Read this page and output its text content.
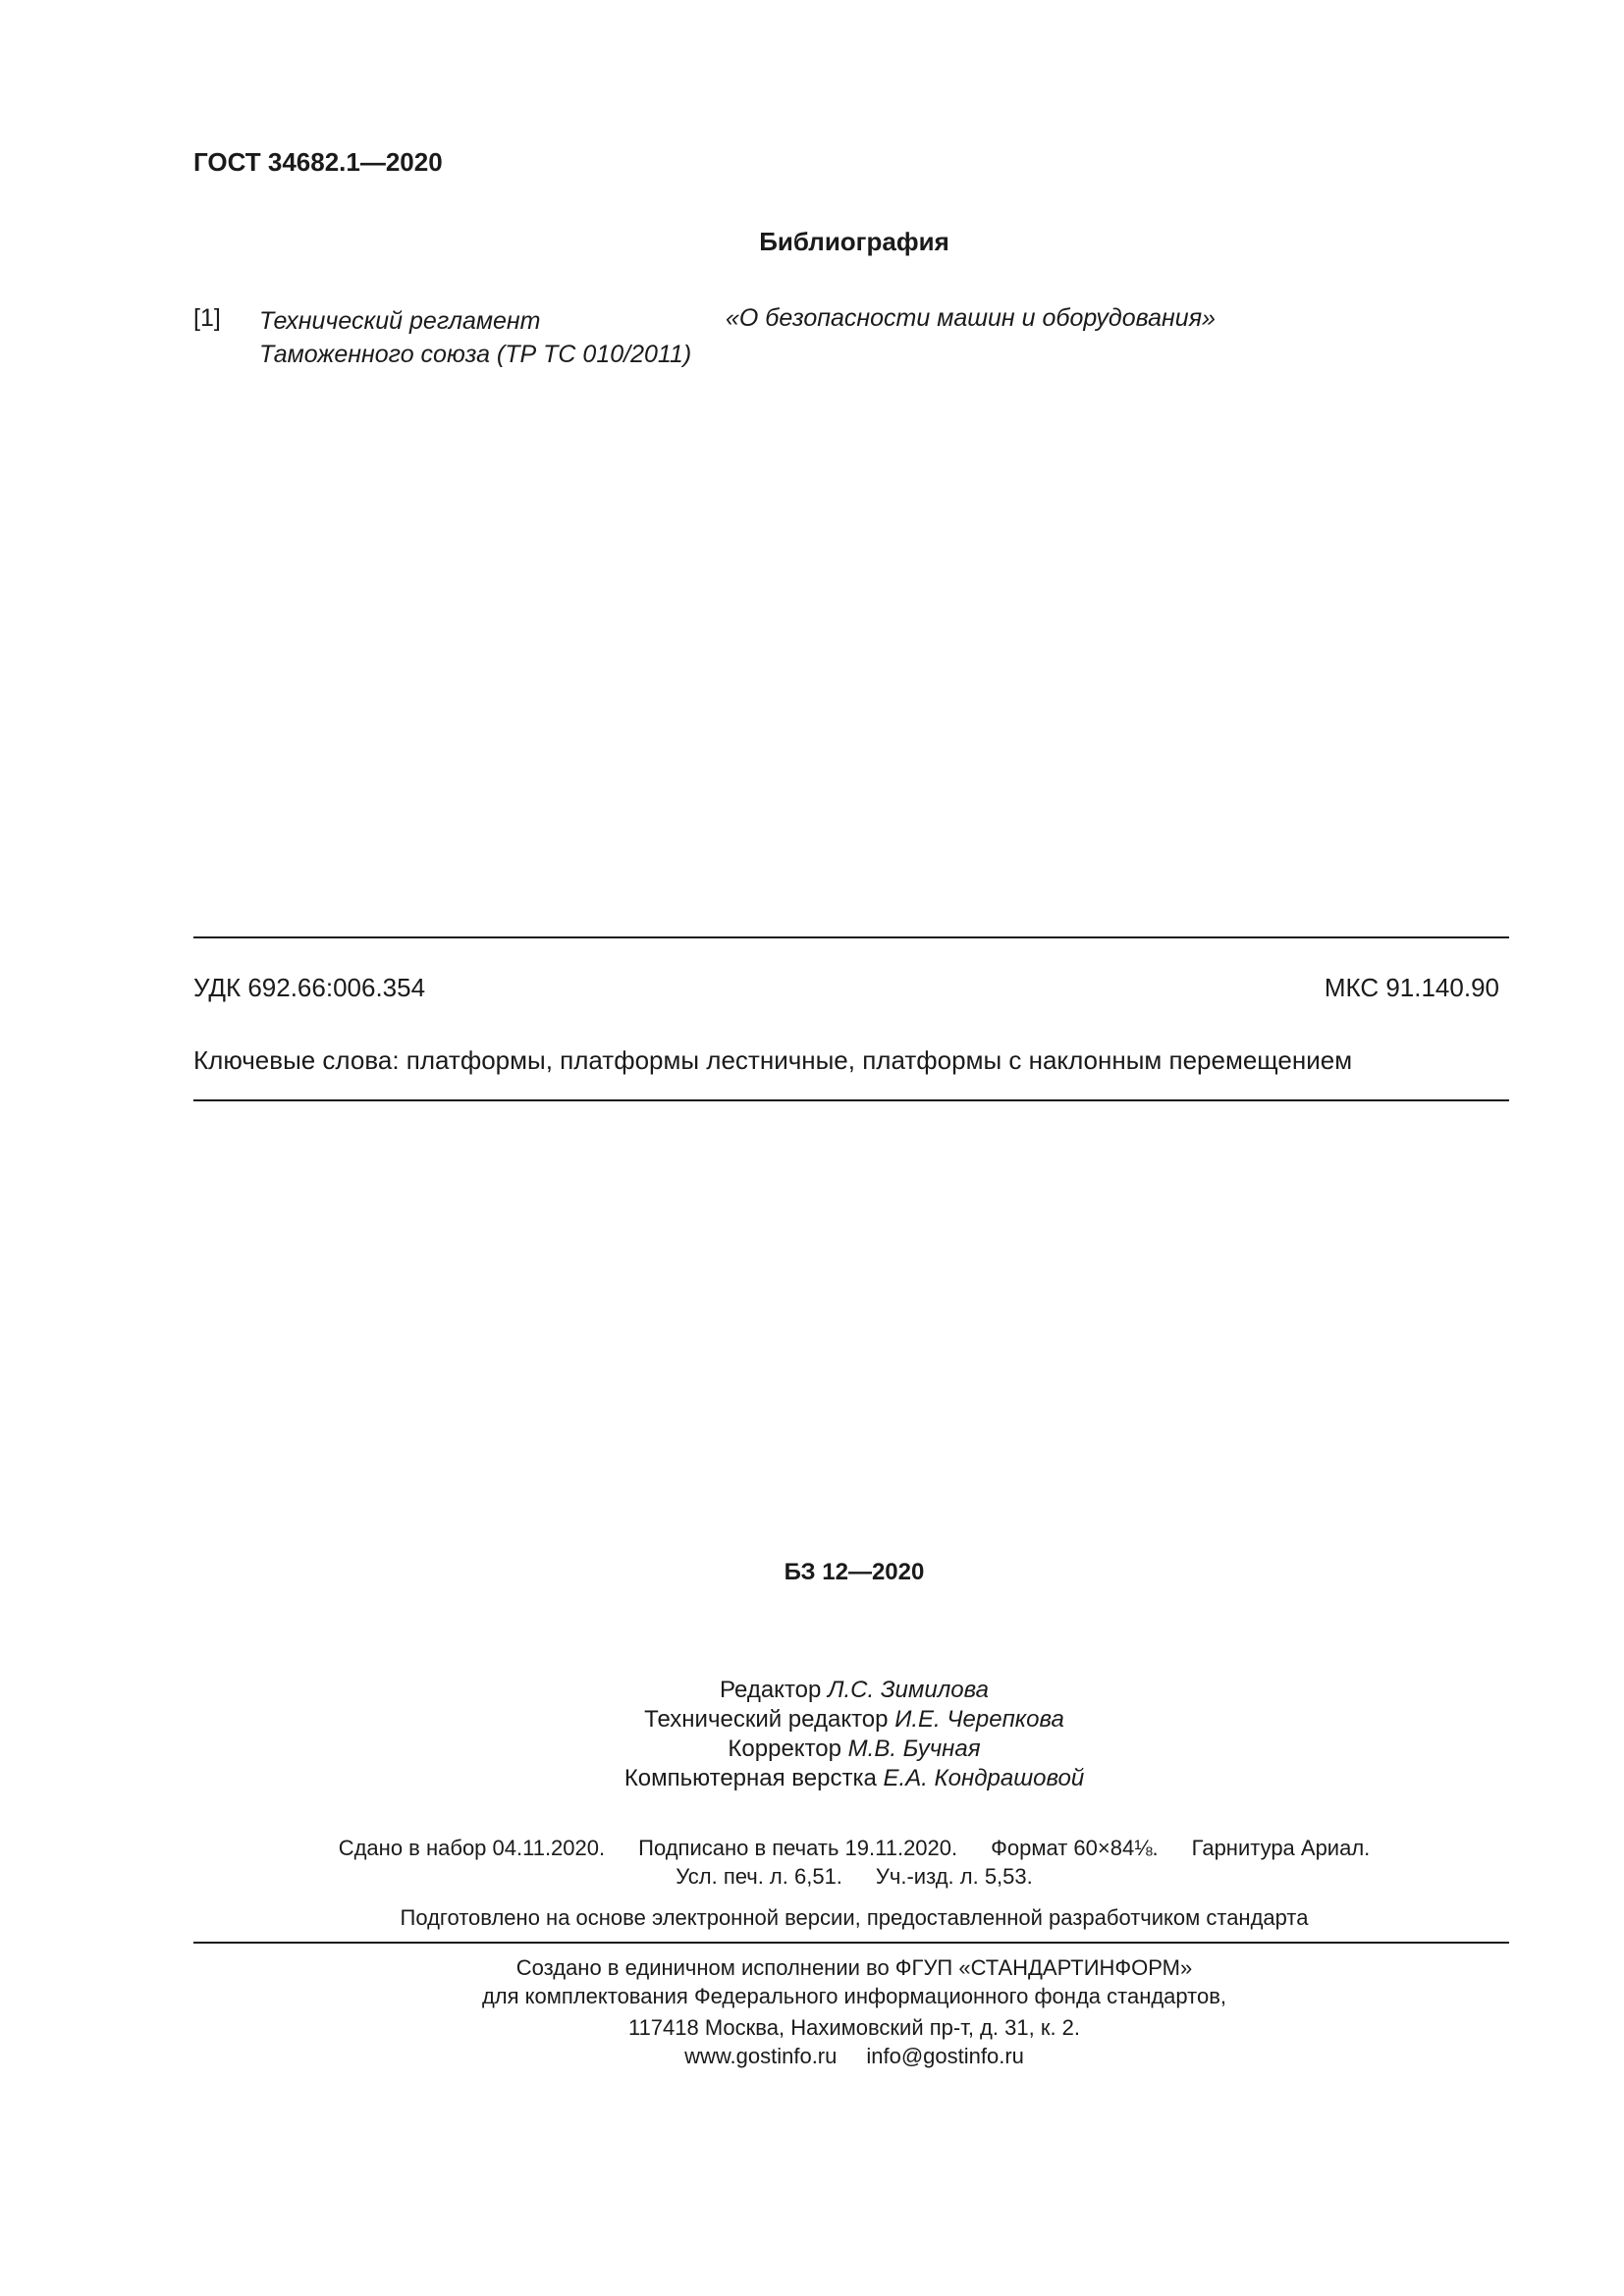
ГОСТ 34682.1—2020
Библиография
[1] Технический регламент
Таможенного союза (ТР ТС 010/2011)
«О безопасности машин и оборудования»
УДК 692.66:006.354	МКС 91.140.90
Ключевые слова: платформы, платформы лестничные, платформы с наклонным перемещением
БЗ 12—2020
Редактор Л.С. Зимилова
Технический редактор И.Е. Черепкова
Корректор М.В. Бучная
Компьютерная верстка Е.А. Кондрашовой
Сдано в набор 04.11.2020. Подписано в печать 19.11.2020. Формат 60×84⅛. Гарнитура Ариал.
Усл. печ. л. 6,51. Уч.-изд. л. 5,53.
Подготовлено на основе электронной версии, предоставленной разработчиком стандарта
Создано в единичном исполнении во ФГУП «СТАНДАРТИНФОРМ»
для комплектования Федерального информационного фонда стандартов,
117418 Москва, Нахимовский пр-т, д. 31, к. 2.
www.gostinfo.ru info@gostinfo.ru
